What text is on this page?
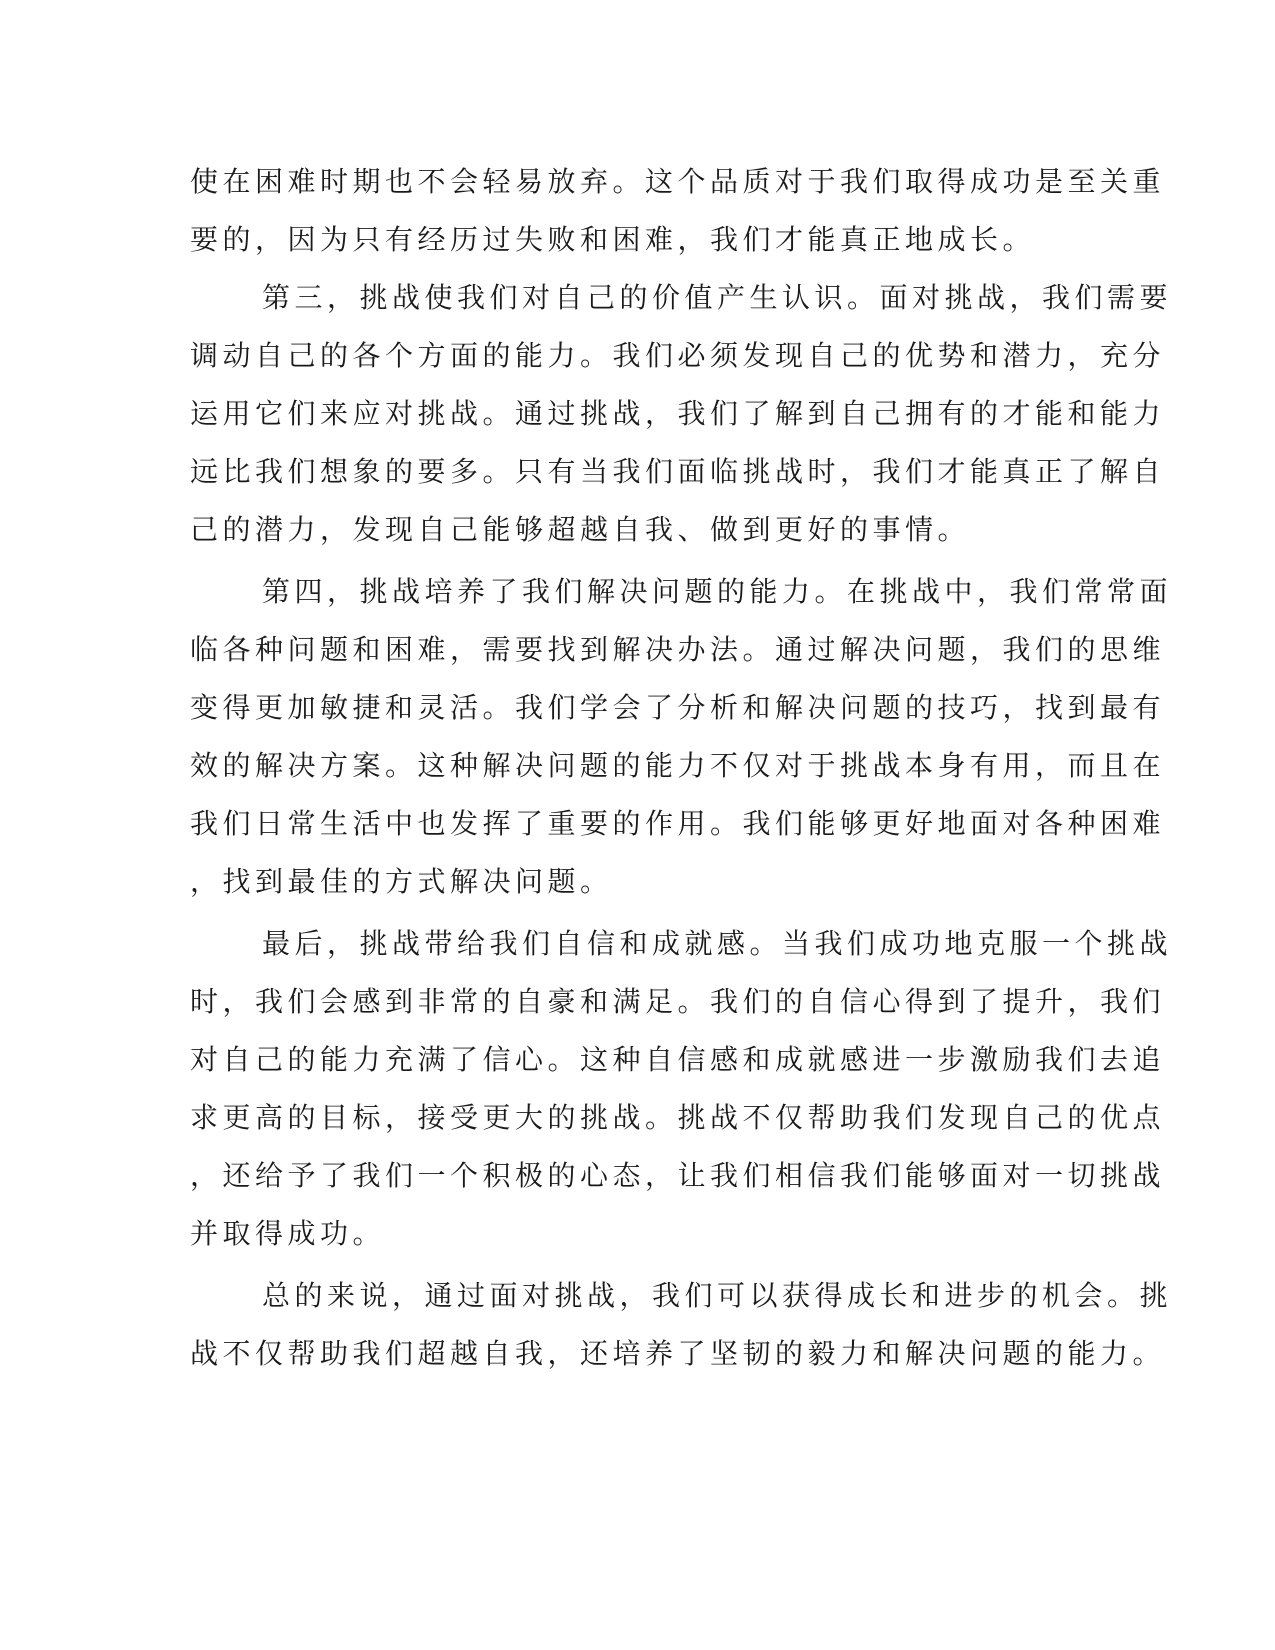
使在困难时期也不会轻易放弃。这个品质对于我们取得成功是至关重

要的，因为只有经历过失败和困难，我们才能真正地成长。

第三，挑战使我们对自己的价值产生认识。面对挑战，我们需要

调动自己的各个方面的能力。我们必须发现自己的优势和潜力，充分

运用它们来应对挑战。通过挑战，我们了解到自己拥有的才能和能力

远比我们想象的要多。只有当我们面临挑战时，我们才能真正了解自

己的潜力，发现自己能够超越自我、做到更好的事情。

第四，挑战培养了我们解决问题的能力。在挑战中，我们常常面

临各种问题和困难，需要找到解决办法。通过解决问题，我们的思维

变得更加敏捷和灵活。我们学会了分析和解决问题的技巧，找到最有

效的解决方案。这种解决问题的能力不仅对于挑战本身有用，而且在

我们日常生活中也发挥了重要的作用。我们能够更好地面对各种困难

，找到最佳的方式解决问题。

最后，挑战带给我们自信和成就感。当我们成功地克服一个挑战

时，我们会感到非常的自豪和满足。我们的自信心得到了提升，我们

对自己的能力充满了信心。这种自信感和成就感进一步激励我们去追

求更高的目标，接受更大的挑战。挑战不仅帮助我们发现自己的优点

，还给予了我们一个积极的心态，让我们相信我们能够面对一切挑战

并取得成功。

总的来说，通过面对挑战，我们可以获得成长和进步的机会。挑

战不仅帮助我们超越自我，还培养了坚韧的毅力和解决问题的能力。
